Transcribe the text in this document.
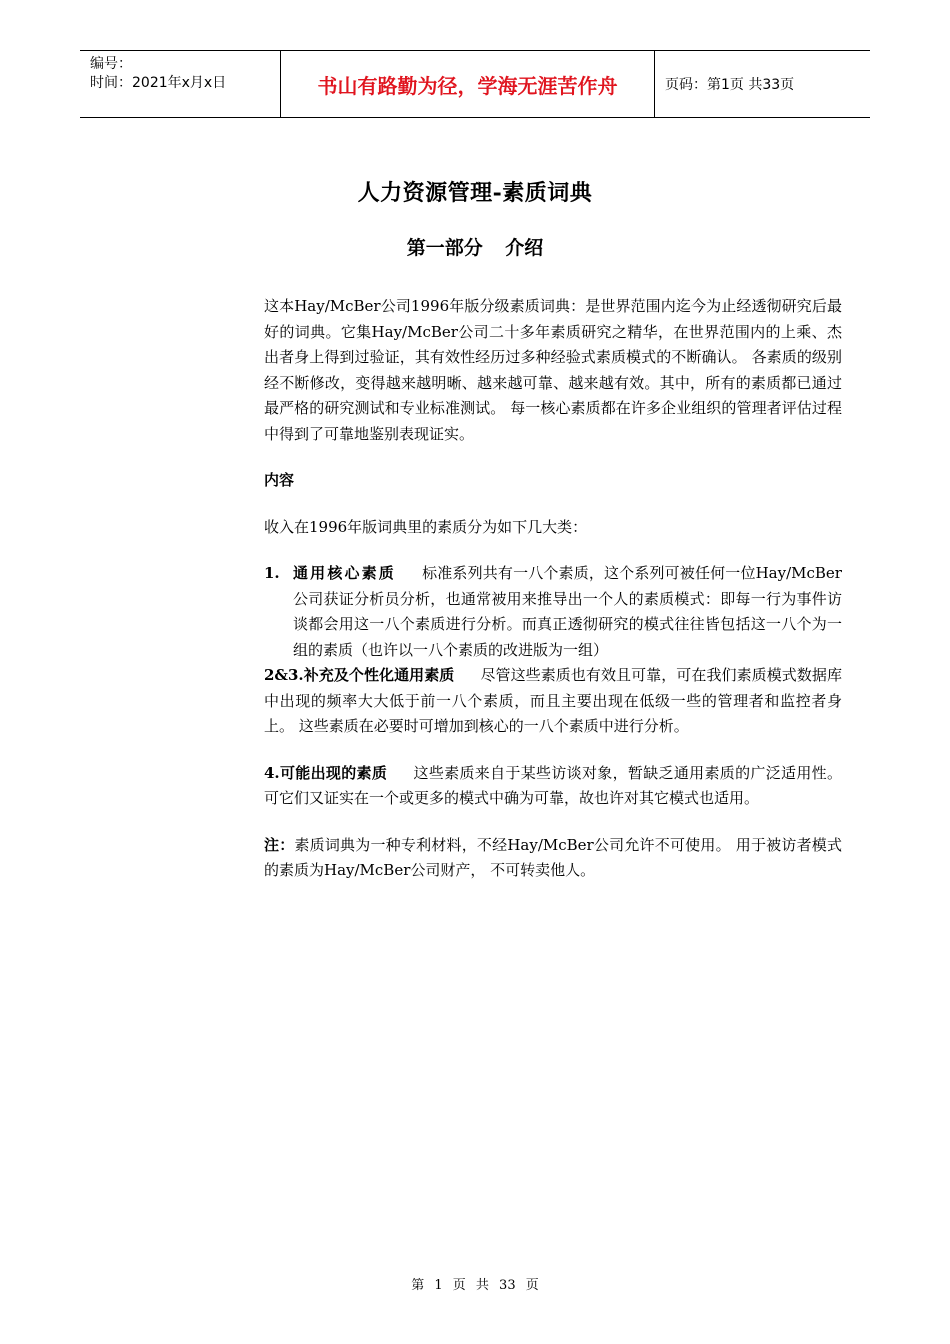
编号：
时间：2021年x月x日	书山有路勤为径，学海无涯苦作舟	页码：第1页 共33页
人力资源管理-素质词典
第一部分 介绍

这本Hay/McBer公司1996年版分级素质词典：是世界范围内迄今为止经透彻研究后最好的词典。它集Hay/McBer公司二十多年素质研究之精华，在世界范围内的上乘、杰出者身上得到过验证，其有效性经历过多种经验式素质模式的不断确认。 各素质的级别经不断修改，变得越来越明晰、越来越可靠、越来越有效。其中，所有的素质都已通过最严格的研究测试和专业标准测试。 每一核心素质都在许多企业组织的管理者评估过程中得到了可靠地鉴别表现证实。

内容

收入在1996年版词典里的素质分为如下几大类：

1. 通用核心素质 标准系列共有一八个素质，这个系列可被任何一位Hay/McBer公司获证分析员分析，也通常被用来推导出一个人的素质模式：即每一行为事件访谈都会用这一八个素质进行分析。而真正透彻研究的模式往往皆包括这一八个为一组的素质（也许以一八个素质的改进版为一组）

2&3.补充及个性化通用素质 尽管这些素质也有效且可靠，可在我们素质模式数据库中出现的频率大大低于前一八个素质，而且主要出现在低级一些的管理者和监控者身上。 这些素质在必要时可增加到核心的一八个素质中进行分析。

4.可能出现的素质 这些素质来自于某些访谈对象，暂缺乏通用素质的广泛适用性。可它们又证实在一个或更多的模式中确为可靠，故也许对其它模式也适用。

注：素质词典为一种专利材料，不经Hay/McBer公司允许不可使用。 用于被访者模式的素质为Hay/McBer公司财产， 不可转卖他人。

第 1 页 共 33 页
